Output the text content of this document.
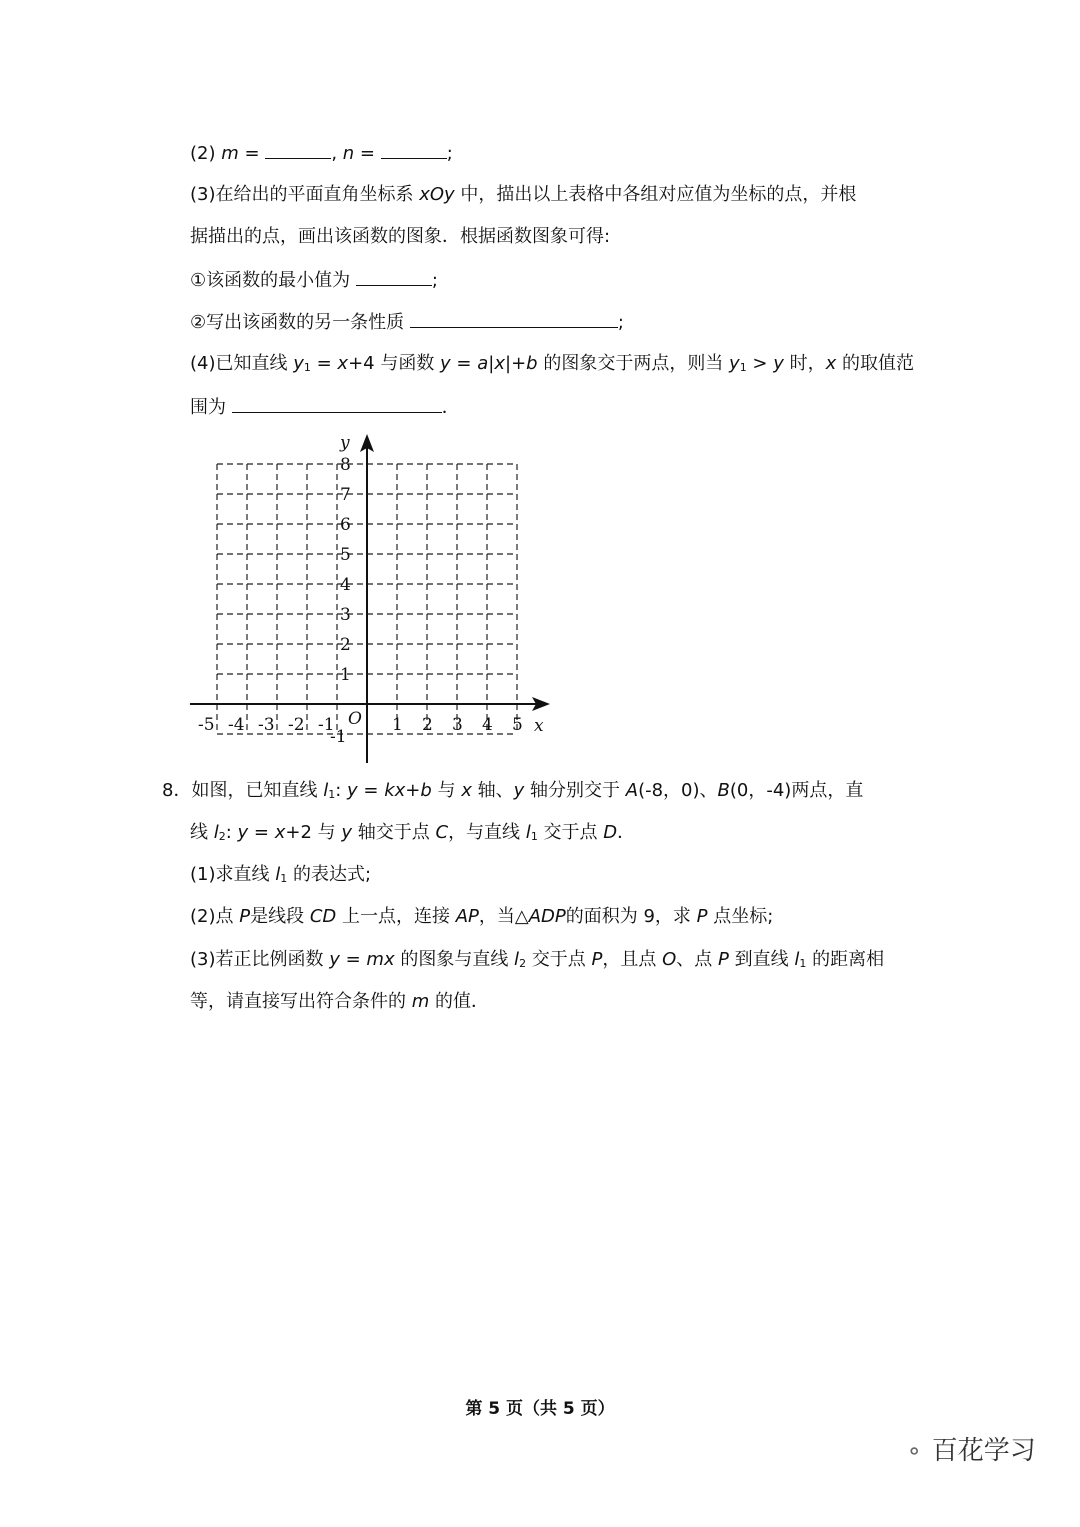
(2) m =	, n =	;
(3)在给出的平面直角坐标系 xOy 中，描出以上表格中各组对应值为坐标的点，并根
据描出的点，画出该函数的图象．根据函数图象可得:
①该函数的最小值为	;
②写出该函数的另一条性质	;
(4)已知直线 y1 = x+4 与函数 y = a|x|+b 的图象交于两点，则当 y1 > y 时，x 的取值范
围为	．
y
x
O
8
7
6
5
4
3
2
1
-1
-5 -4 -3 -2 -1	1 2 3 4 5
8．如图，已知直线 l1: y = kx+b 与 x 轴、y 轴分别交于 A(-8，0)、B(0，-4)两点，直
线 l2: y = x+2 与 y 轴交于点 C，与直线 l1 交于点 D．
(1)求直线 l1 的表达式;
(2)点 P是线段 CD 上一点，连接 AP，当△ADP的面积为 9，求 P 点坐标;
(3)若正比例函数 y = mx 的图象与直线 l2 交于点 P，且点 O、点 P 到直线 l1 的距离相
等，请直接写出符合条件的 m 的值．
第 5 页（共 5 页）
⚬ 百花学习
